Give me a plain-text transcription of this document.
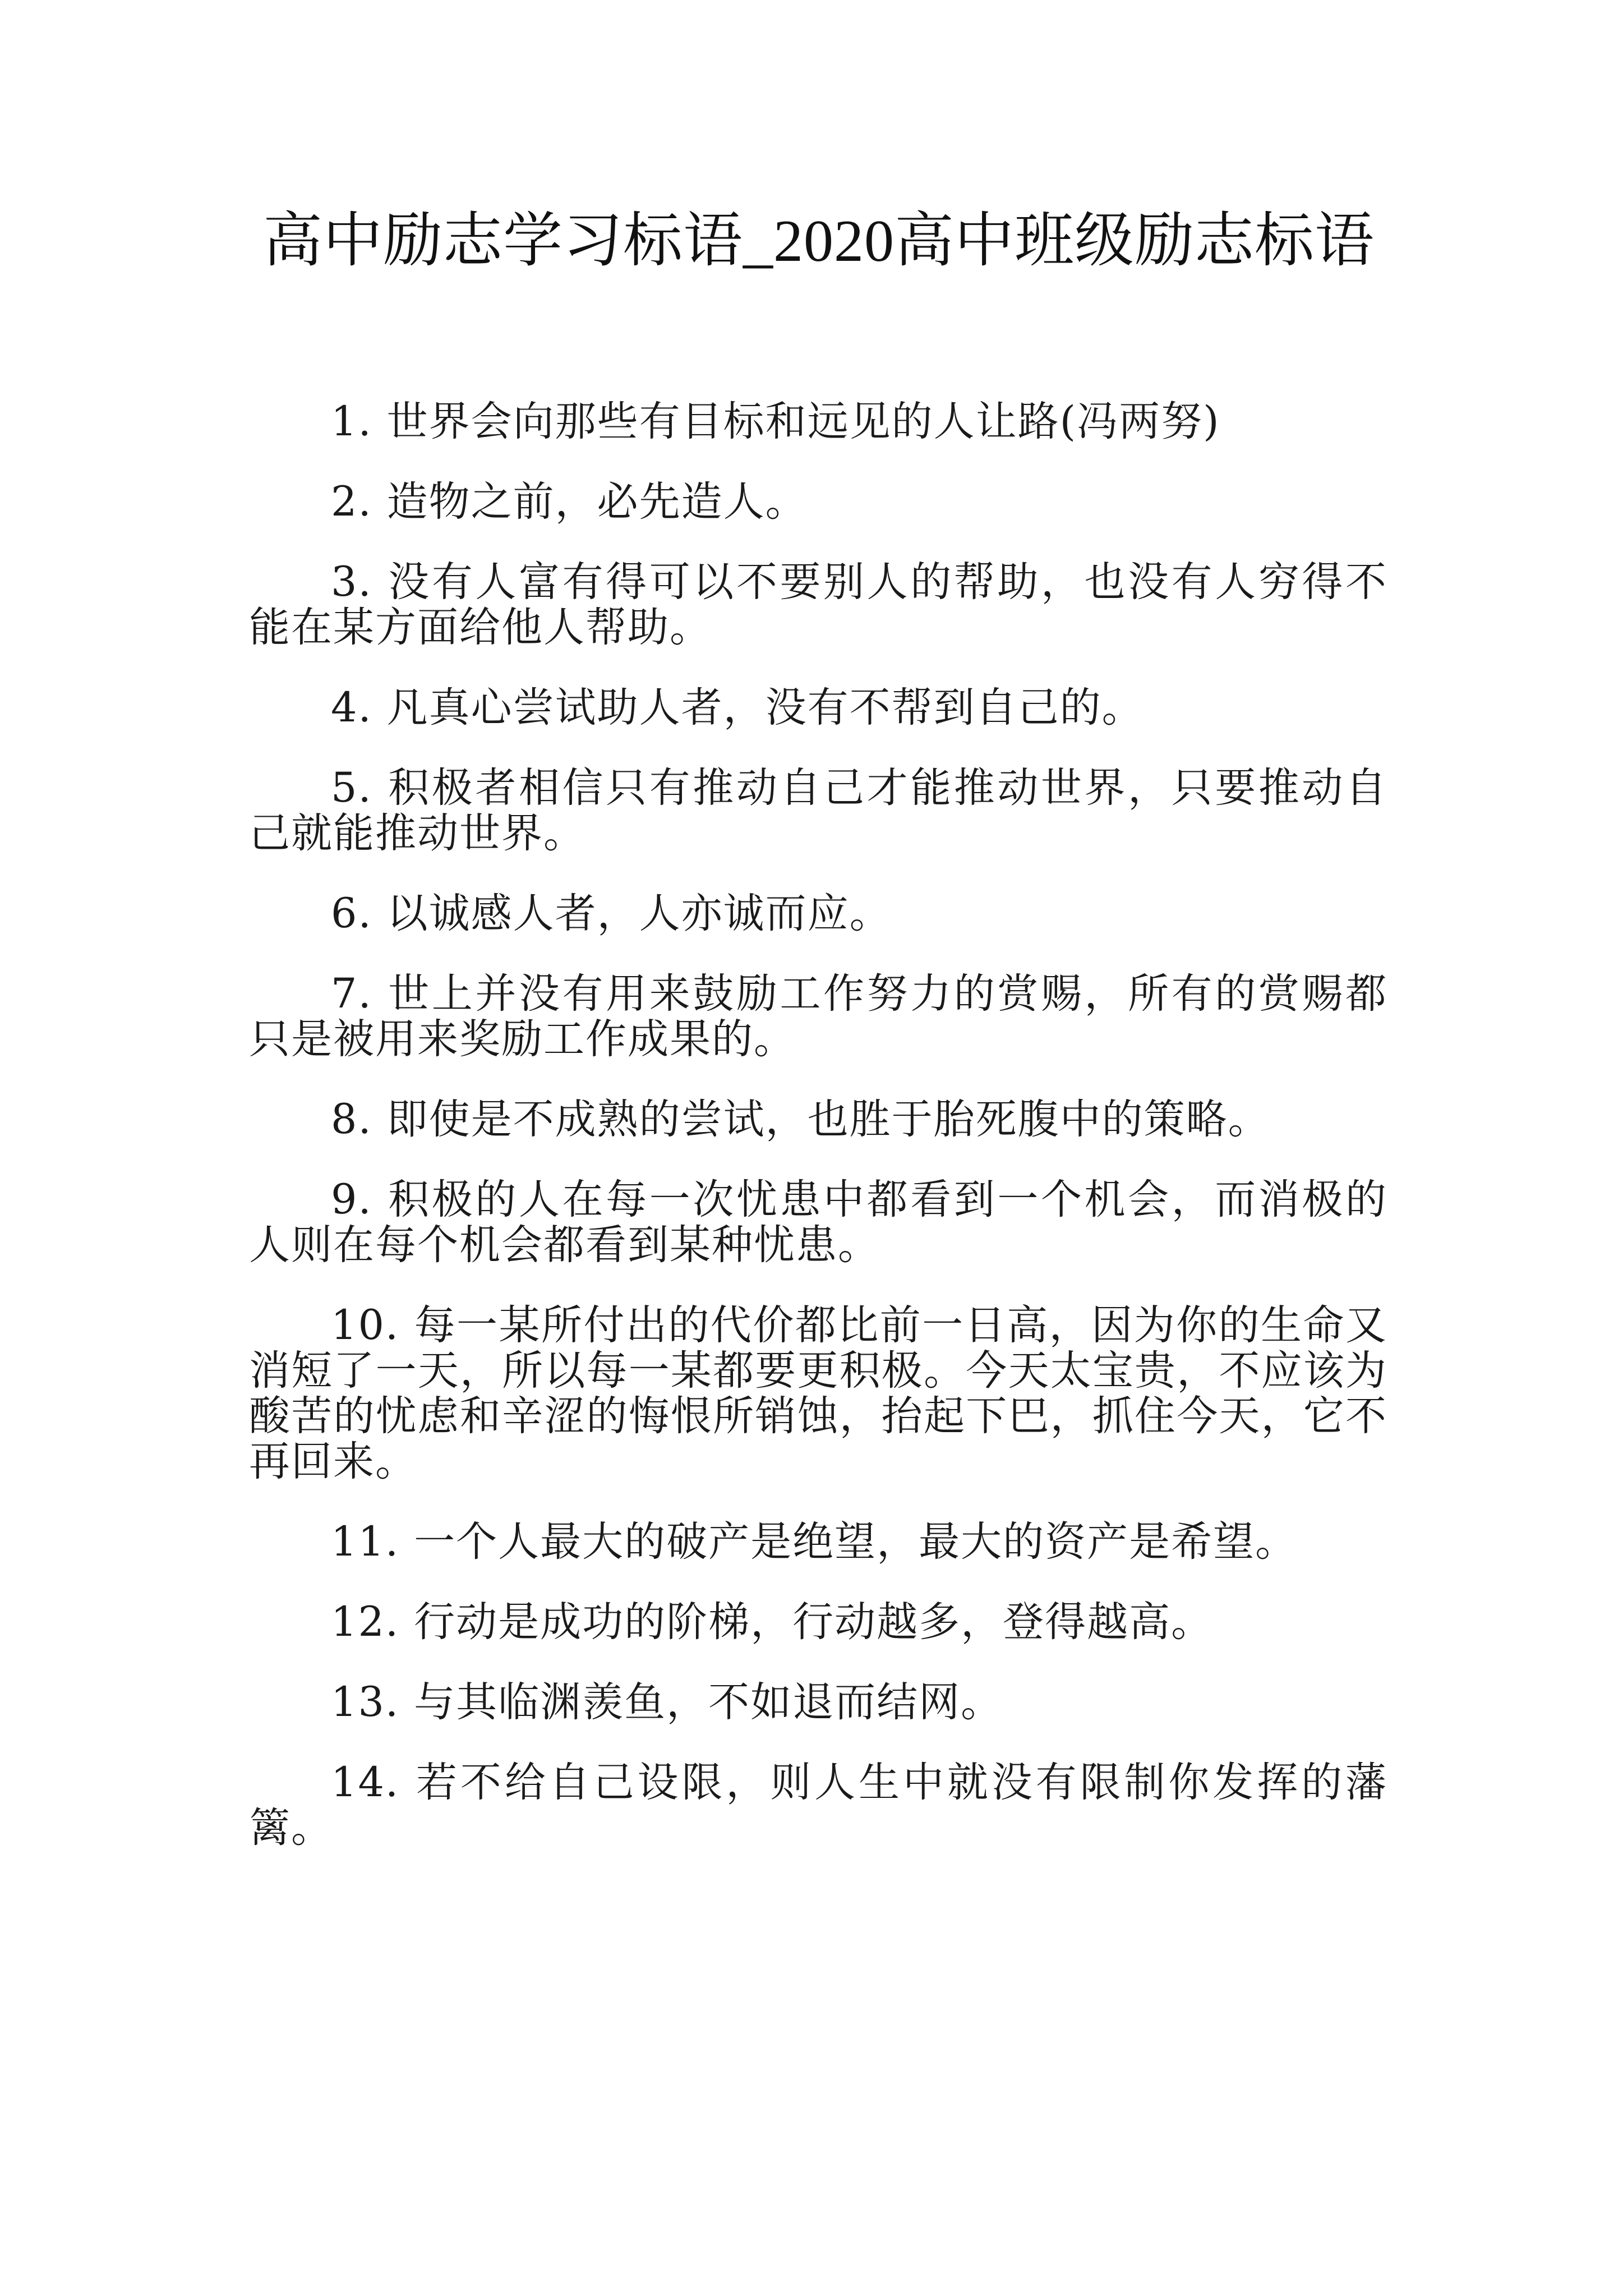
高中励志学习标语_2020高中班级励志标语

1. 世界会向那些有目标和远见的人让路(冯两努)

2. 造物之前，必先造人。

3. 没有人富有得可以不要别人的帮助，也没有人穷得不能在某方面给他人帮助。

4. 凡真心尝试助人者，没有不帮到自己的。

5. 积极者相信只有推动自己才能推动世界，只要推动自己就能推动世界。

6. 以诚感人者，人亦诚而应。

7. 世上并没有用来鼓励工作努力的赏赐，所有的赏赐都只是被用来奖励工作成果的。

8. 即使是不成熟的尝试，也胜于胎死腹中的策略。

9. 积极的人在每一次忧患中都看到一个机会，而消极的人则在每个机会都看到某种忧患。

10. 每一某所付出的代价都比前一日高，因为你的生命又消短了一天，所以每一某都要更积极。今天太宝贵，不应该为酸苦的忧虑和辛涩的悔恨所销蚀，抬起下巴，抓住今天，它不再回来。

11. 一个人最大的破产是绝望，最大的资产是希望。

12. 行动是成功的阶梯，行动越多，登得越高。

13. 与其临渊羡鱼，不如退而结网。

14. 若不给自己设限，则人生中就没有限制你发挥的藩篱。
